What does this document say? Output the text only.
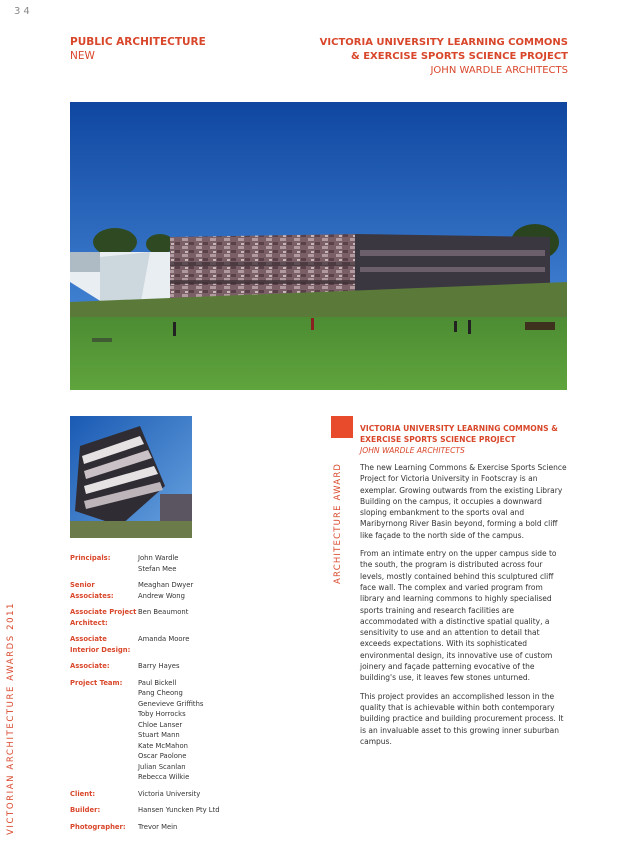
34
VICTORIAN ARCHITECTURE AWARDS 2011
PUBLIC ARCHITECTURE
NEW
VICTORIA UNIVERSITY LEARNING COMMONS
& EXERCISE SPORTS SCIENCE PROJECT
JOHN WARDLE ARCHITECTS
ARCHITECTURE AWARD
VICTORIA UNIVERSITY LEARNING COMMONS &
EXERCISE SPORTS SCIENCE PROJECT
JOHN WARDLE ARCHITECTS

The new Learning Commons & Exercise Sports Science Project for Victoria University in Footscray is an exemplar. Growing outwards from the existing Library Building on the campus, it occupies a downward sloping embankment to the sports oval and Maribyrnong River Basin beyond, forming a bold cliff like façade to the north side of the campus.

From an intimate entry on the upper campus side to the south, the program is distributed across four levels, mostly contained behind this sculptured cliff face wall. The complex and varied program from library and learning commons to highly specialised sports training and research facilities are accommodated with a distinctive spatial quality, a sensitivity to use and an attention to detail that exceeds expectations. With its sophisticated environmental design, its innovative use of custom joinery and façade patterning evocative of the building's use, it leaves few stones unturned.

This project provides an accomplished lesson in the quality that is achievable within both contemporary building practice and building procurement process. It is an invaluable asset to this growing inner suburban campus.

Principals:	John Wardle
Stefan Mee
Senior Associates:
Meaghan Dwyer
Andrew Wong
Associate Project Architect:
Ben Beaumont
Associate Interior Design:
Amanda Moore
Associate:	Barry Hayes
Project Team:	Paul Bickell
Pang Cheong
Genevieve Griffiths
Toby Horrocks
Chloe Lanser
Stuart Mann
Kate McMahon
Oscar Paolone
Julian Scanlan
Rebecca Wilkie
Client:	Victoria University
Builder:	Hansen Yuncken Pty Ltd
Photographer:	Trevor Mein
